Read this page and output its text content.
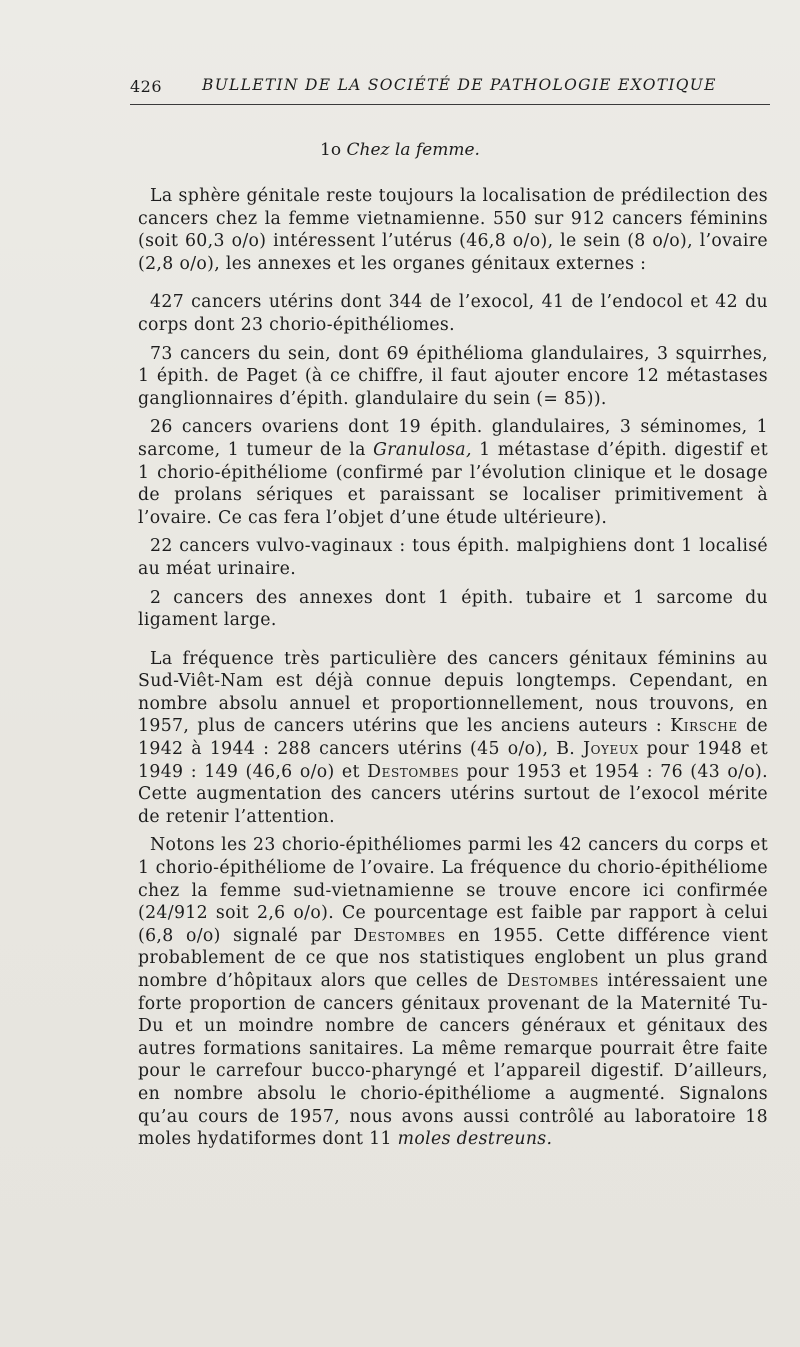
426	BULLETIN DE LA SOCIÉTÉ DE PATHOLOGIE EXOTIQUE
1o Chez la femme.

La sphère génitale reste toujours la localisation de prédilection des cancers chez la femme vietnamienne. 550 sur 912 cancers féminins (soit 60,3 o/o) intéressent l’utérus (46,8 o/o), le sein (8 o/o), l’ovaire (2,8 o/o), les annexes et les organes génitaux externes :

427 cancers utérins dont 344 de l’exocol, 41 de l’endocol et 42 du corps dont 23 chorio-épithéliomes.

73 cancers du sein, dont 69 épithélioma glandulaires, 3 squirrhes, 1 épith. de Paget (à ce chiffre, il faut ajouter encore 12 métastases ganglionnaires d’épith. glandulaire du sein (= 85)).

26 cancers ovariens dont 19 épith. glandulaires, 3 séminomes, 1 sarcome, 1 tumeur de la Granulosa, 1 métastase d’épith. digestif et 1 chorio-épithéliome (confirmé par l’évolution clinique et le dosage de prolans sériques et paraissant se localiser primitivement à l’ovaire. Ce cas fera l’objet d’une étude ultérieure).

22 cancers vulvo-vaginaux : tous épith. malpighiens dont 1 localisé au méat urinaire.

2 cancers des annexes dont 1 épith. tubaire et 1 sarcome du ligament large.

La fréquence très particulière des cancers génitaux féminins au Sud-Viêt-Nam est déjà connue depuis longtemps. Cependant, en nombre absolu annuel et proportionnellement, nous trouvons, en 1957, plus de cancers utérins que les anciens auteurs : Kirsche de 1942 à 1944 : 288 cancers utérins (45 o/o), B. Joyeux pour 1948 et 1949 : 149 (46,6 o/o) et Destombes pour 1953 et 1954 : 76 (43 o/o). Cette augmentation des cancers utérins surtout de l’exocol mérite de retenir l’attention.

Notons les 23 chorio-épithéliomes parmi les 42 cancers du corps et 1 chorio-épithéliome de l’ovaire. La fréquence du chorio-épithéliome chez la femme sud-vietnamienne se trouve encore ici confirmée (24/912 soit 2,6 o/o). Ce pourcentage est faible par rapport à celui (6,8 o/o) signalé par Destombes en 1955. Cette différence vient probablement de ce que nos statistiques englobent un plus grand nombre d’hôpitaux alors que celles de Destombes intéressaient une forte proportion de cancers génitaux provenant de la Maternité Tu-Du et un moindre nombre de cancers généraux et génitaux des autres formations sanitaires. La même remarque pourrait être faite pour le carrefour bucco-pharyngé et l’appareil digestif. D’ailleurs, en nombre absolu le chorio-épithéliome a augmenté. Signalons qu’au cours de 1957, nous avons aussi contrôlé au laboratoire 18 moles hydatiformes dont 11 moles destreuns.
